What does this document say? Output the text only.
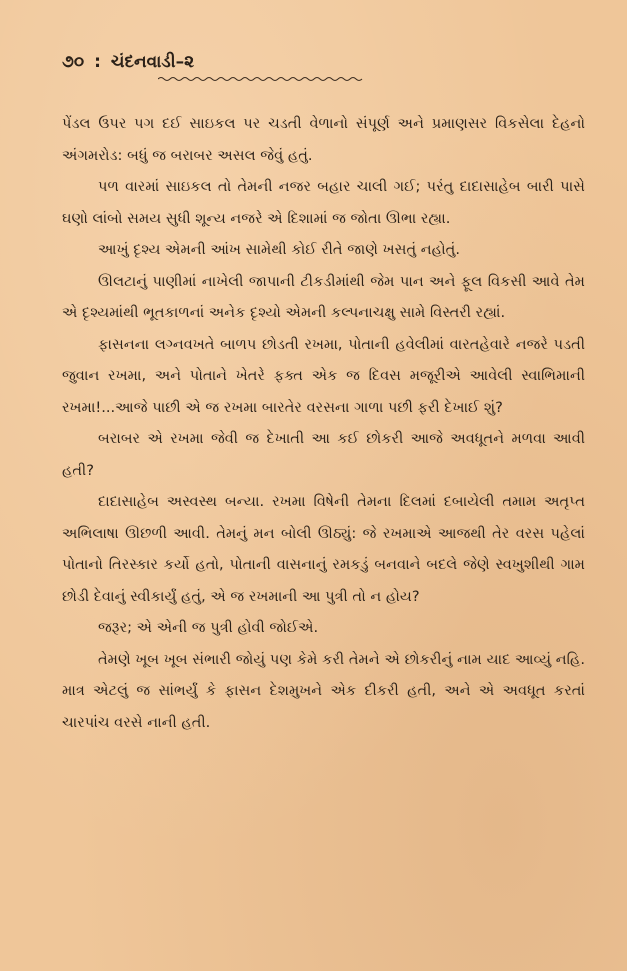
૭૦ : ચંદનવાડી–૨

પેંડલ ઉપર પગ દઈ સાઇકલ પર ચડતી વેળાનો સંપૂર્ણ અને પ્રમાણસર વિકસેલા દેહનો અંગમરોડ: બધું જ બરાબર અસલ જેવું હતું.

પળ વારમાં સાઇકલ તો તેમની નજર બહાર ચાલી ગઈ; પરંતુ દાદાસાહેબ બારી પાસે ઘણો લાંબો સમય સુધી શૂન્ય નજરે એ દિશામાં જ જોતા ઊભા રહ્યા.

આખું દૃશ્ય એમની આંખ સામેથી કોઈ રીતે જાણે ખસતું નહોતું.

ઊલટાનું પાણીમાં નાખેલી જાપાની ટીકડીમાંથી જેમ પાન અને ફૂલ વિકસી આવે તેમ એ દૃશ્યમાંથી ભૂતકાળનાં અનેક દૃશ્યો એમની કલ્પનાચક્ષુ સામે વિસ્તરી રહ્યાં.

ફાસનના લગ્નવખતે બાળપ છોડતી રખમા, પોતાની હવેલીમાં વારતહેવારે નજરે પડતી જુવાન રખમા, અને પોતાને ખેતરે ફક્ત એક જ દિવસ મજૂરીએ આવેલી સ્વાભિમાની રખમા!...આજે પાછી એ જ રખમા બારતેર વરસના ગાળા પછી ફરી દેખાઈ શું?

બરાબર એ રખમા જેવી જ દેખાતી આ કઈ છોકરી આજે અવધૂતને મળવા આવી હતી?

દાદાસાહેબ અસ્વસ્થ બન્યા. રખમા વિષેની તેમના દિલમાં દબાયેલી તમામ અતૃપ્ત અભિલાષા ઊછળી આવી. તેમનું મન બોલી ઊઠ્યું: જે રખમાએ આજથી તેર વરસ પહેલાં પોતાનો તિરસ્કાર કર્યો હતો, પોતાની વાસનાનું રમકડું બનવાને બદલે જેણે સ્વખુશીથી ગામ છોડી દેવાનું સ્વીકાર્યું હતું, એ જ રખમાની આ પુત્રી તો ન હોય?

જરૂર; એ એની જ પુત્રી હોવી જોઈએ.

તેમણે ખૂબ ખૂબ સંભારી જોયું પણ કેમે કરી તેમને એ છોકરીનું નામ યાદ આવ્યું નહિ. માત્ર એટલું જ સાંભર્યું કે ફાસન દેશમુખને એક દીકરી હતી, અને એ અવધૂત કરતાં ચારપાંચ વરસે નાની હતી.
